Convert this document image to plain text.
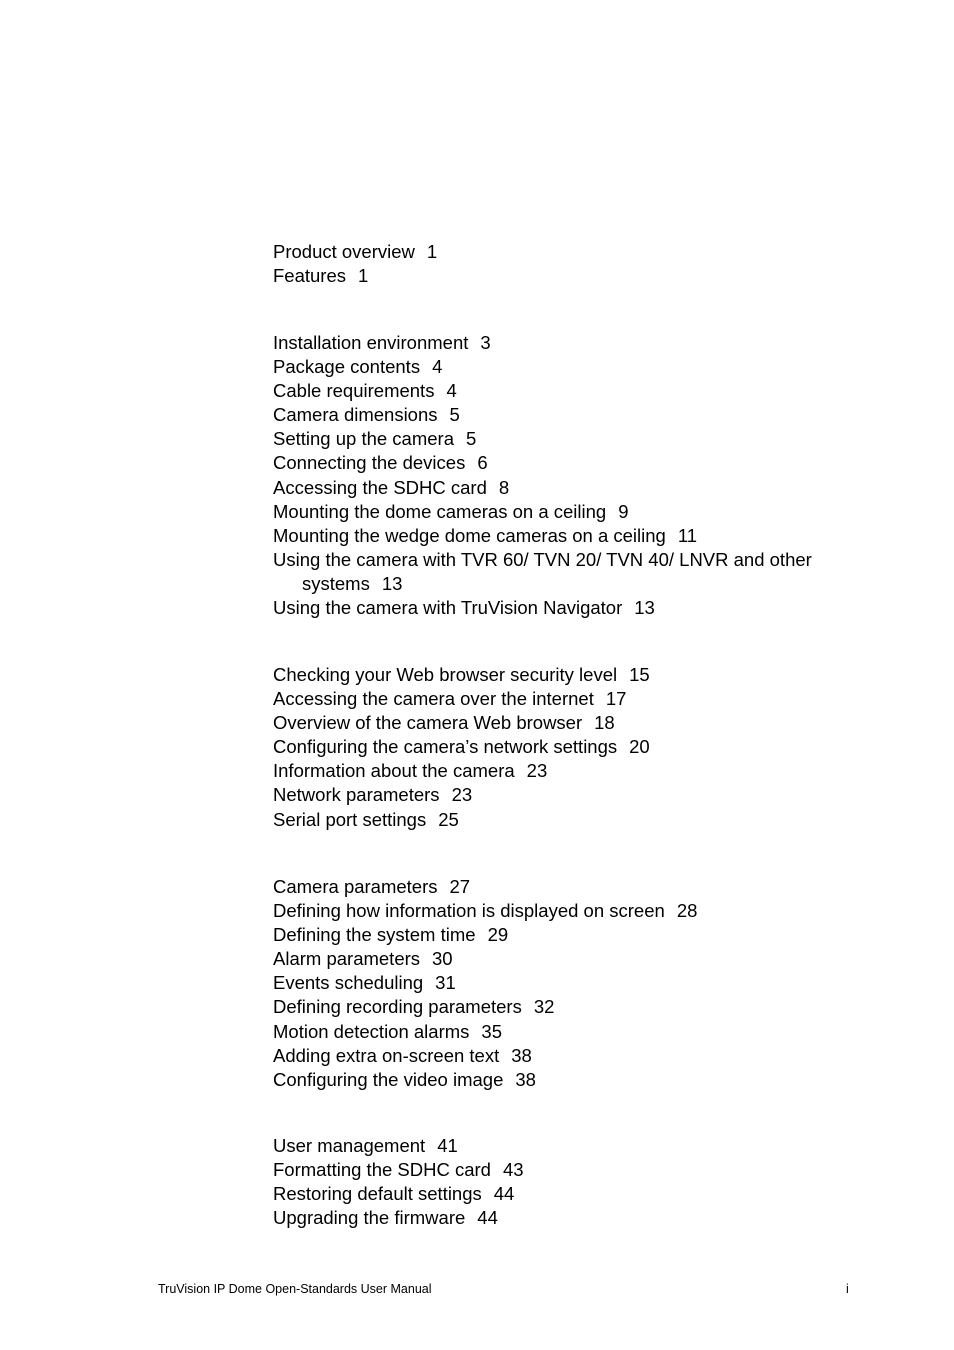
Product overview 1

Features 1

Installation environment 3

Package contents 4

Cable requirements 4

Camera dimensions 5

Setting up the camera 5

Connecting the devices 6

Accessing the SDHC card 8

Mounting the dome cameras on a ceiling 9

Mounting the wedge dome cameras on a ceiling 11

Using the camera with TVR 60/ TVN 20/ TVN 40/ LNVR and other
systems 13

Using the camera with TruVision Navigator 13

Checking your Web browser security level 15

Accessing the camera over the internet 17

Overview of the camera Web browser 18

Configuring the camera’s network settings 20

Information about the camera 23

Network parameters 23

Serial port settings 25

Camera parameters 27

Defining how information is displayed on screen 28

Defining the system time 29

Alarm parameters 30

Events scheduling 31

Defining recording parameters 32

Motion detection alarms 35

Adding extra on-screen text 38

Configuring the video image 38

User management 41

Formatting the SDHC card 43

Restoring default settings 44

Upgrading the firmware 44

TruVision IP Dome Open-Standards User Manual	i
